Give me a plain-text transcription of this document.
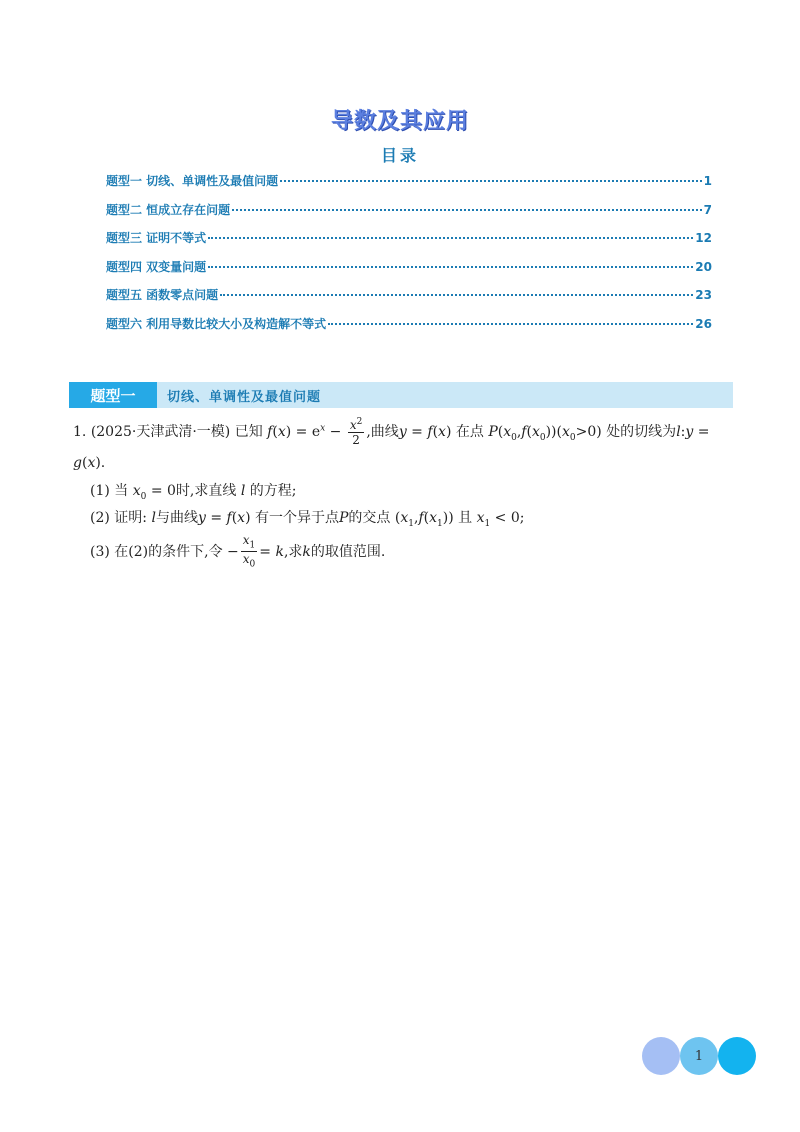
导数及其应用
目录
题型一 切线、单调性及最值问题	1
题型二 恒成立存在问题	7
题型三 证明不等式	12
题型四 双变量问题	20
题型五 函数零点问题	23
题型六 利用导数比较大小及构造解不等式	26
题型一	切线、单调性及最值问题
1. (2025·天津武清·一模) 已知 $f(x) = e^x - \frac{x^2}{2}$ ,曲线y = f(x) 在点 $P(x_0,f(x_0))(x_0>0)$ 处的切线为l:y =
g(x).
(1) 当 $x_0 = 0$时,求直线 l 的方程;
(2) 证明: l与曲线y = f(x) 有一个异于点P的交点 $(x_1,f(x_1))$ 且 $x_1 < 0$;
(3) 在(2)的条件下,令 − $\frac{x_1}{x_0} = k$,求k的取值范围.
1
